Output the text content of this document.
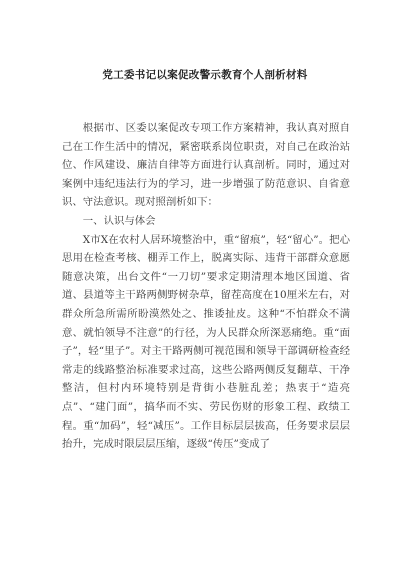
党工委书记以案促改警示教育个人剖析材料

根据市、区委以案促改专项工作方案精神，我认真对照自己在工作生活中的情况，紧密联系岗位职责，对自己在政治站位、作风建设、廉洁自律等方面进行认真剖析。同时，通过对案例中违纪违法行为的学习，进一步增强了防范意识、自省意识、守法意识。现对照剖析如下：

一、认识与体会

X市X在农村人居环境整治中，重“留痕”，轻“留心”。把心思用在检查考核、棚弄工作上，脱离实际、违背干部群众意愿随意决策，出台文件“一刀切”要求定期清理本地区国道、省道、县道等主干路两侧野树杂草，留茬高度在10厘米左右，对群众所急所需所盼漠然处之、推诿扯皮。这种“不怕群众不满意、就怕领导不注意”的行径，为人民群众所深恶痛绝。重“面子”，轻“里子”。对主干路两侧可视范围和领导干部调研检查经常走的线路整治标准要求过高，这些公路两侧反复翻草、干净整洁，但村内环境特别是背街小巷脏乱差；热衷于“造亮点”、“建门面”，搞华而不实、劳民伤财的形象工程、政绩工程。重“加码”，轻“减压”。工作目标层层拔高，任务要求层层抬升，完成时限层层压缩，逐级“传压”变成了
